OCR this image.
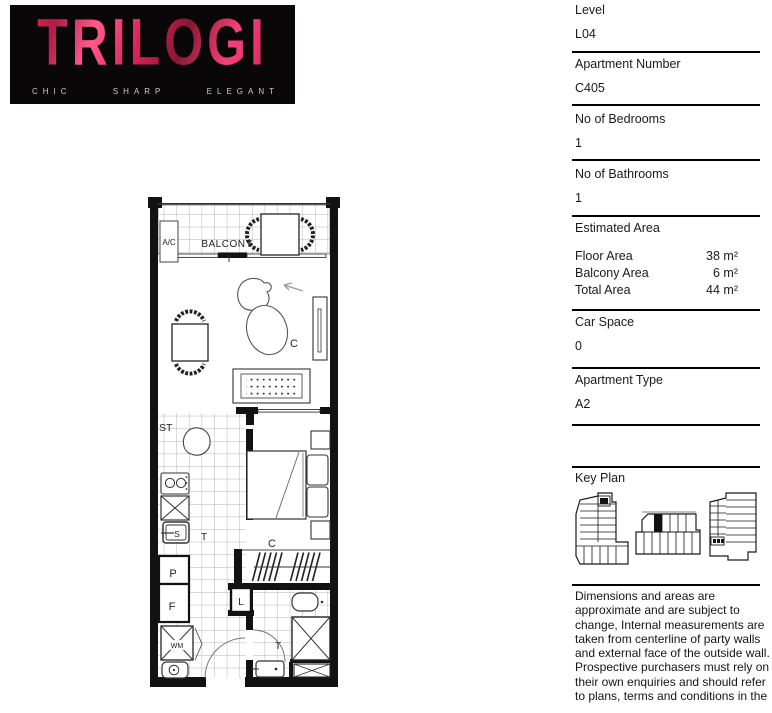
TRILOGI
CHIC	SHARP	ELEGANT
A/C	BALCONY
T
C
ST
S T
P
F
WM
C
L
T
Level
L04
Apartment Number
C405
No of Bedrooms
1
No of Bathrooms
1
Estimated Area
Floor Area	38 m²
Balcony Area	6 m²
Total Area	44 m²
Car Space
0
Apartment Type
A2
Key Plan
Dimensions and areas are approximate and are subject to change, Internal measurements are taken from centerline of party walls and external face of the outside wall. Prospective purchasers must rely on their own enquiries and should refer to plans, terms and conditions in the
